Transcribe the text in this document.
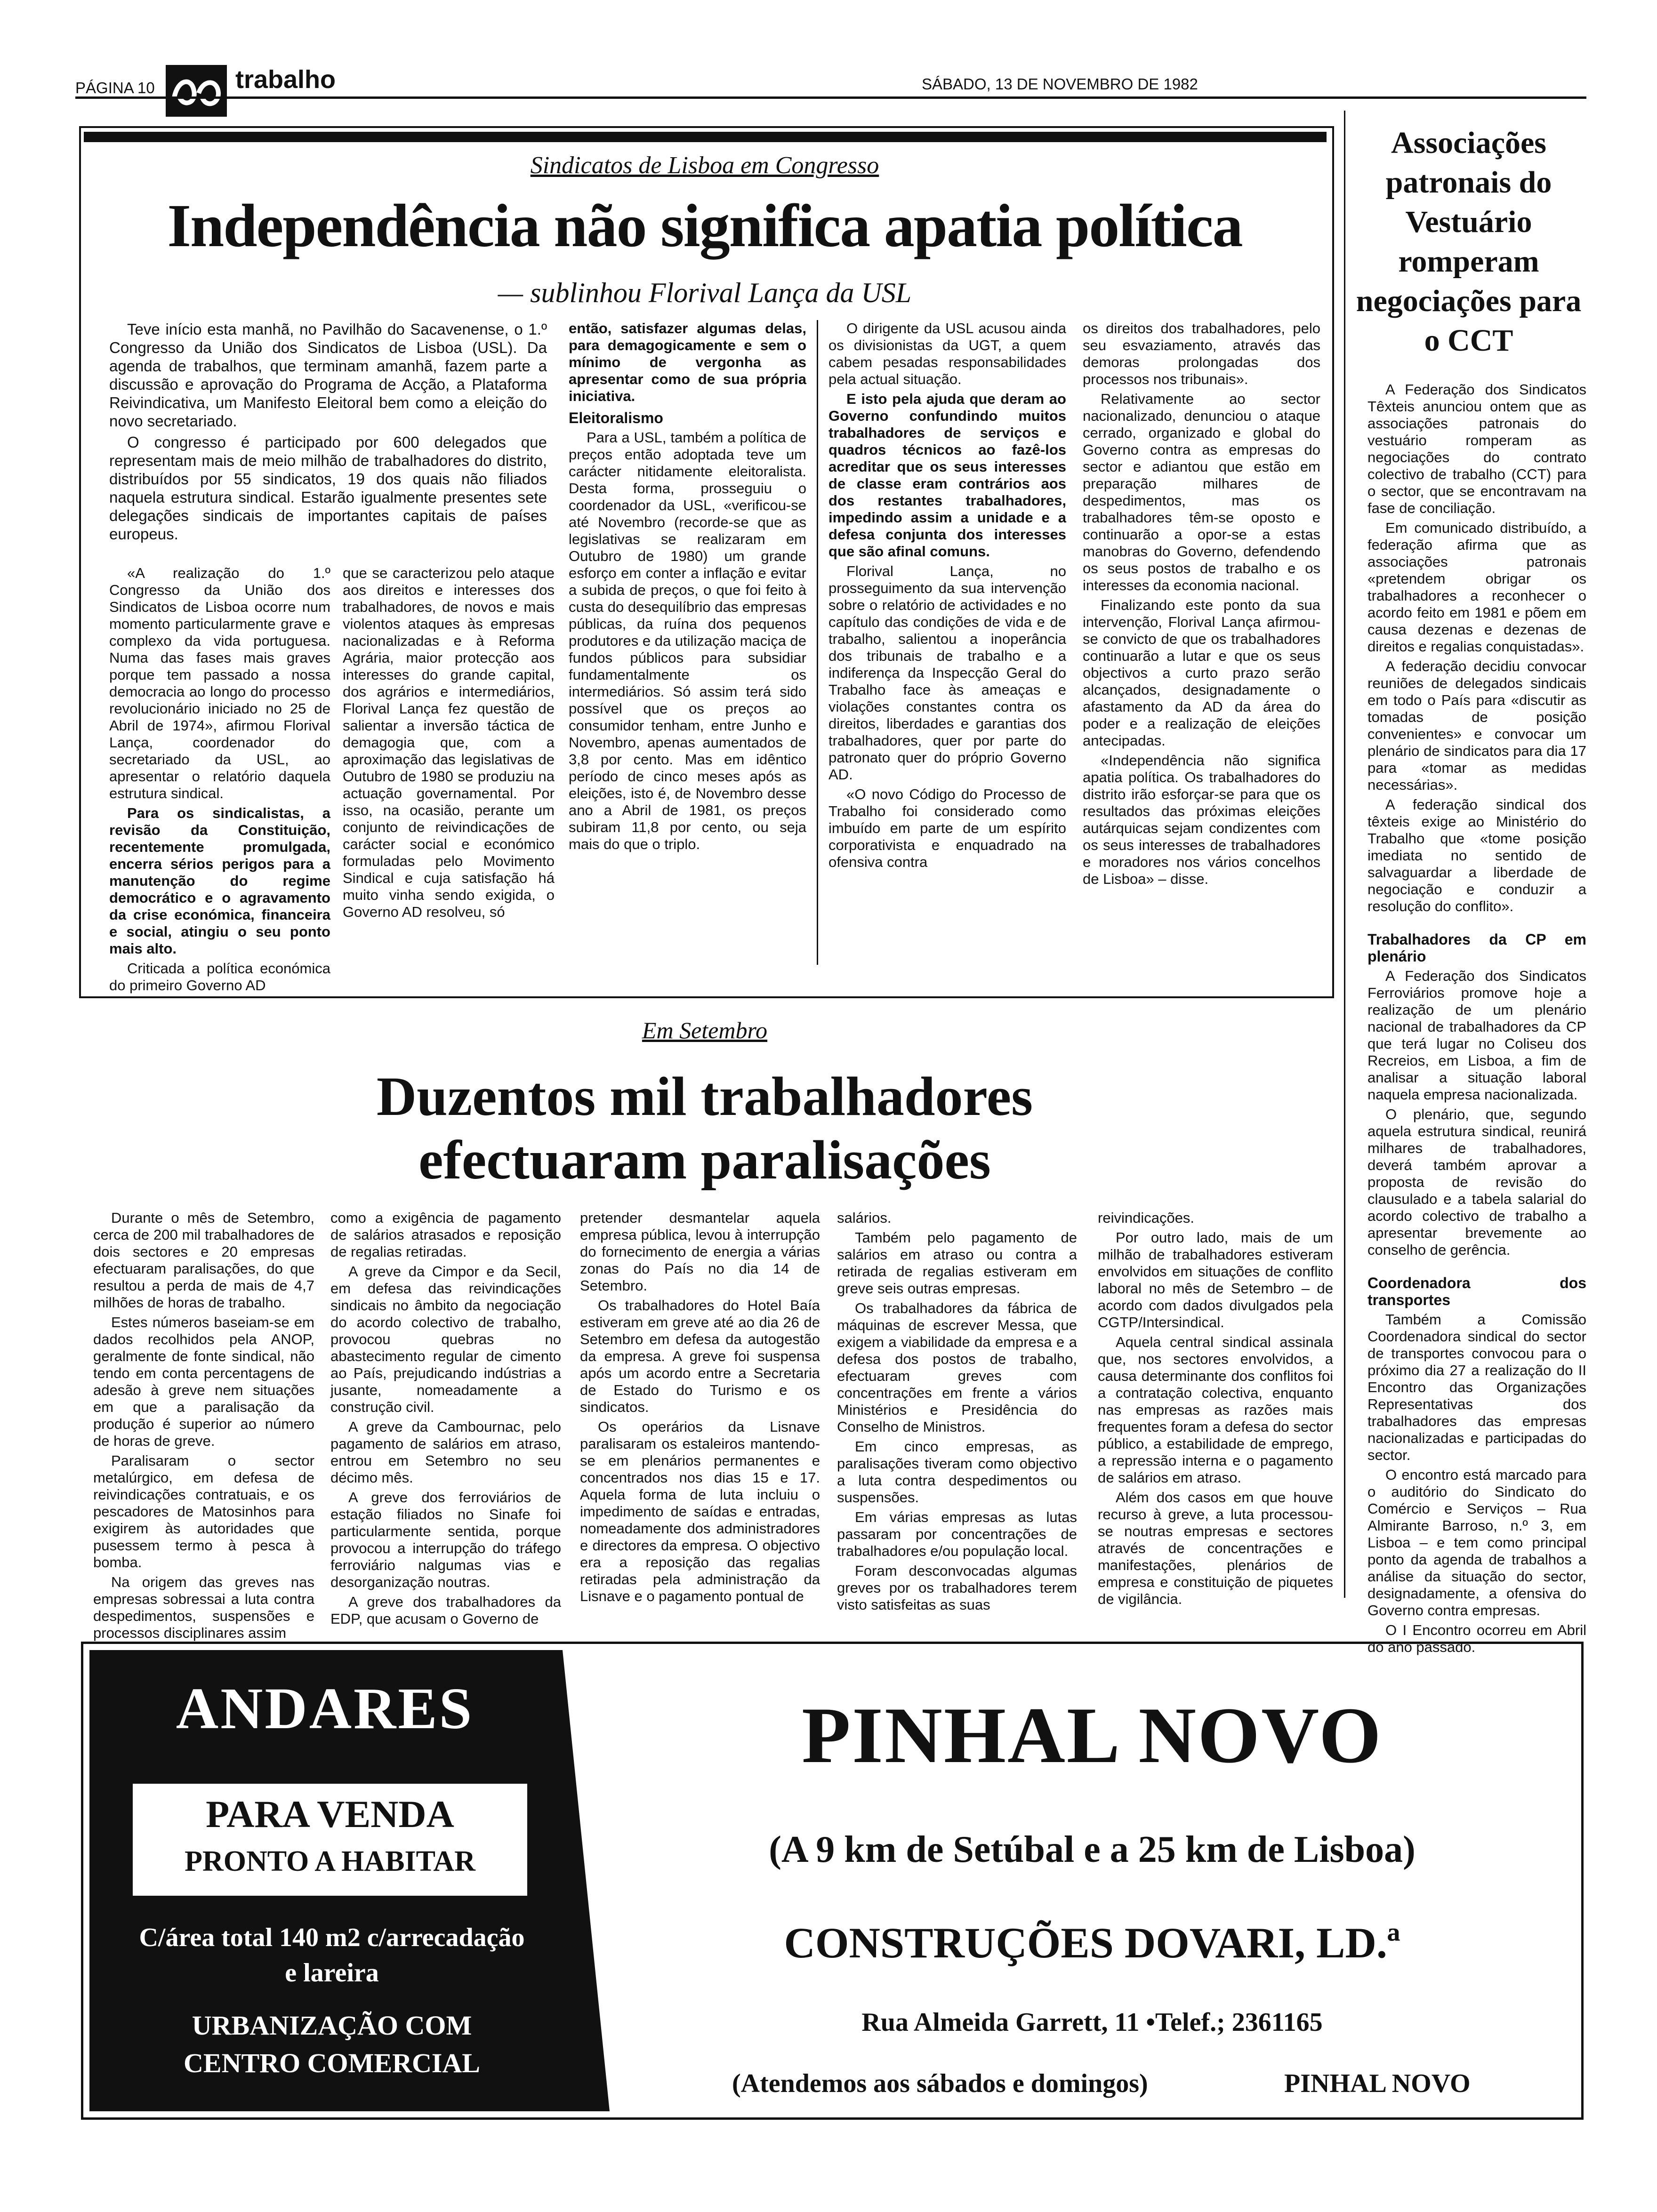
PÁGINA 10	trabalho	SÁBADO, 13 DE NOVEMBRO DE 1982
Sindicatos de Lisboa em Congresso
Independência não significa apatia política
— sublinhou Florival Lança da USL

Teve início esta manhã, no Pavilhão do Sacavenense, o 1.º Congresso da União dos Sindicatos de Lisboa (USL). Da agenda de trabalhos, que terminam amanhã, fazem parte a discussão e aprovação do Programa de Acção, a Plataforma Reivindicativa, um Manifesto Eleitoral bem como a eleição do novo secretariado.

O congresso é participado por 600 delegados que representam mais de meio milhão de trabalhadores do distrito, distribuídos por 55 sindicatos, 19 dos quais não filiados naquela estrutura sindical. Estarão igualmente presentes sete delegações sindicais de importantes capitais de países europeus.

«A realização do 1.º Congresso da União dos Sindicatos de Lisboa ocorre num momento particularmente grave e complexo da vida portuguesa. Numa das fases mais graves porque tem passado a nossa democracia ao longo do processo revolucionário iniciado no 25 de Abril de 1974», afirmou Florival Lança, coordenador do secretariado da USL, ao apresentar o relatório daquela estrutura sindical.

Para os sindicalistas, a revisão da Constituição, recentemente promulgada, encerra sérios perigos para a manutenção do regime democrático e o agravamento da crise económica, financeira e social, atingiu o seu ponto mais alto.

Criticada a política económica do primeiro Governo AD

que se caracterizou pelo ataque aos direitos e interesses dos trabalhadores, de novos e mais violentos ataques às empresas nacionalizadas e à Reforma Agrária, maior protecção aos interesses do grande capital, dos agrários e intermediários, Florival Lança fez questão de salientar a inversão táctica de demagogia que, com a aproximação das legislativas de Outubro de 1980 se produziu na actuação governamental. Por isso, na ocasião, perante um conjunto de reivindicações de carácter social e económico formuladas pelo Movimento Sindical e cuja satisfação há muito vinha sendo exigida, o Governo AD resolveu, só

então, satisfazer algumas delas, para demagogicamente e sem o mínimo de vergonha as apresentar como de sua própria iniciativa.

Eleitoralismo

Para a USL, também a política de preços então adoptada teve um carácter nitidamente eleitoralista. Desta forma, prosseguiu o coordenador da USL, «verificou-se até Novembro (recorde-se que as legislativas se realizaram em Outubro de 1980) um grande esforço em conter a inflação e evitar a subida de preços, o que foi feito à custa do desequilíbrio das empresas públicas, da ruína dos pequenos produtores e da utilização maciça de fundos públicos para subsidiar fundamentalmente os intermediários. Só assim terá sido possível que os preços ao consumidor tenham, entre Junho e Novembro, apenas aumentados de 3,8 por cento. Mas em idêntico período de cinco meses após as eleições, isto é, de Novembro desse ano a Abril de 1981, os preços subiram 11,8 por cento, ou seja mais do que o triplo.

O dirigente da USL acusou ainda os divisionistas da UGT, a quem cabem pesadas responsabilidades pela actual situação.

E isto pela ajuda que deram ao Governo confundindo muitos trabalhadores de serviços e quadros técnicos ao fazê-los acreditar que os seus interesses de classe eram contrários aos dos restantes trabalhadores, impedindo assim a unidade e a defesa conjunta dos interesses que são afinal comuns.

Florival Lança, no prosseguimento da sua intervenção sobre o relatório de actividades e no capítulo das condições de vida e de trabalho, salientou a inoperância dos tribunais de trabalho e a indiferença da Inspecção Geral do Trabalho face às ameaças e violações constantes contra os direitos, liberdades e garantias dos trabalhadores, quer por parte do patronato quer do próprio Governo AD.

«O novo Código do Processo de Trabalho foi considerado como imbuído em parte de um espírito corporativista e enquadrado na ofensiva contra

os direitos dos trabalhadores, pelo seu esvaziamento, através das demoras prolongadas dos processos nos tribunais».

Relativamente ao sector nacionalizado, denunciou o ataque cerrado, organizado e global do Governo contra as empresas do sector e adiantou que estão em preparação milhares de despedimentos, mas os trabalhadores têm-se oposto e continuarão a opor-se a estas manobras do Governo, defendendo os seus postos de trabalho e os interesses da economia nacional.

Finalizando este ponto da sua intervenção, Florival Lança afirmou-se convicto de que os trabalhadores continuarão a lutar e que os seus objectivos a curto prazo serão alcançados, designadamente o afastamento da AD da área do poder e a realização de eleições antecipadas.

«Independência não significa apatia política. Os trabalhadores do distrito irão esforçar-se para que os resultados das próximas eleições autárquicas sejam condizentes com os seus interesses de trabalhadores e moradores nos vários concelhos de Lisboa» – disse.

Associações patronais do Vestuário romperam negociações para o CCT

A Federação dos Sindicatos Têxteis anunciou ontem que as associações patronais do vestuário romperam as negociações do contrato colectivo de trabalho (CCT) para o sector, que se encontravam na fase de conciliação.

Em comunicado distribuído, a federação afirma que as associações patronais «pretendem obrigar os trabalhadores a reconhecer o acordo feito em 1981 e põem em causa dezenas e dezenas de direitos e regalias conquistadas».

A federação decidiu convocar reuniões de delegados sindicais em todo o País para «discutir as tomadas de posição convenientes» e convocar um plenário de sindicatos para dia 17 para «tomar as medidas necessárias».

A federação sindical dos têxteis exige ao Ministério do Trabalho que «tome posição imediata no sentido de salvaguardar a liberdade de negociação e conduzir a resolução do conflito».

Trabalhadores da CP em plenário

A Federação dos Sindicatos Ferroviários promove hoje a realização de um plenário nacional de trabalhadores da CP que terá lugar no Coliseu dos Recreios, em Lisboa, a fim de analisar a situação laboral naquela empresa nacionalizada.

O plenário, que, segundo aquela estrutura sindical, reunirá milhares de trabalhadores, deverá também aprovar a proposta de revisão do clausulado e a tabela salarial do acordo colectivo de trabalho a apresentar brevemente ao conselho de gerência.

Coordenadora dos transportes

Também a Comissão Coordenadora sindical do sector de transportes convocou para o próximo dia 27 a realização do II Encontro das Organizações Representativas dos trabalhadores das empresas nacionalizadas e participadas do sector.

O encontro está marcado para o auditório do Sindicato do Comércio e Serviços – Rua Almirante Barroso, n.º 3, em Lisboa – e tem como principal ponto da agenda de trabalhos a análise da situação do sector, designadamente, a ofensiva do Governo contra empresas.

O I Encontro ocorreu em Abril do ano passado.

Em Setembro
Duzentos mil trabalhadores
efectuaram paralisações

Durante o mês de Setembro, cerca de 200 mil trabalhadores de dois sectores e 20 empresas efectuaram paralisações, do que resultou a perda de mais de 4,7 milhões de horas de trabalho.

Estes números baseiam-se em dados recolhidos pela ANOP, geralmente de fonte sindical, não tendo em conta percentagens de adesão à greve nem situações em que a paralisação da produção é superior ao número de horas de greve.

Paralisaram o sector metalúrgico, em defesa de reivindicações contratuais, e os pescadores de Matosinhos para exigirem às autoridades que pusessem termo à pesca à bomba.

Na origem das greves nas empresas sobressai a luta contra despedimentos, suspensões e processos disciplinares assim

como a exigência de pagamento de salários atrasados e reposição de regalias retiradas.

A greve da Cimpor e da Secil, em defesa das reivindicações sindicais no âmbito da negociação do acordo colectivo de trabalho, provocou quebras no abastecimento regular de cimento ao País, prejudicando indústrias a jusante, nomeadamente a construção civil.

A greve da Cambournac, pelo pagamento de salários em atraso, entrou em Setembro no seu décimo mês.

A greve dos ferroviários de estação filiados no Sinafe foi particularmente sentida, porque provocou a interrupção do tráfego ferroviário nalgumas vias e desorganização noutras.

A greve dos trabalhadores da EDP, que acusam o Governo de

pretender desmantelar aquela empresa pública, levou à interrupção do fornecimento de energia a várias zonas do País no dia 14 de Setembro.

Os trabalhadores do Hotel Baía estiveram em greve até ao dia 26 de Setembro em defesa da autogestão da empresa. A greve foi suspensa após um acordo entre a Secretaria de Estado do Turismo e os sindicatos.

Os operários da Lisnave paralisaram os estaleiros mantendo-se em plenários permanentes e concentrados nos dias 15 e 17. Aquela forma de luta incluiu o impedimento de saídas e entradas, nomeadamente dos administradores e directores da empresa. O objectivo era a reposição das regalias retiradas pela administração da Lisnave e o pagamento pontual de

salários.

Também pelo pagamento de salários em atraso ou contra a retirada de regalias estiveram em greve seis outras empresas.

Os trabalhadores da fábrica de máquinas de escrever Messa, que exigem a viabilidade da empresa e a defesa dos postos de trabalho, efectuaram greves com concentrações em frente a vários Ministérios e Presidência do Conselho de Ministros.

Em cinco empresas, as paralisações tiveram como objectivo a luta contra despedimentos ou suspensões.

Em várias empresas as lutas passaram por concentrações de trabalhadores e/ou população local.

Foram desconvocadas algumas greves por os trabalhadores terem visto satisfeitas as suas

reivindicações.

Por outro lado, mais de um milhão de trabalhadores estiveram envolvidos em situações de conflito laboral no mês de Setembro – de acordo com dados divulgados pela CGTP/Intersindical.

Aquela central sindical assinala que, nos sectores envolvidos, a causa determinante dos conflitos foi a contratação colectiva, enquanto nas empresas as razões mais frequentes foram a defesa do sector público, a estabilidade de emprego, a repressão interna e o pagamento de salários em atraso.

Além dos casos em que houve recurso à greve, a luta processou-se noutras empresas e sectores através de concentrações e manifestações, plenários de empresa e constituição de piquetes de vigilância.

ANDARES
PARA VENDA
PRONTO A HABITAR
C/área total 140 m2 c/arrecadação
e lareira
URBANIZAÇÃO COM
CENTRO COMERCIAL
PINHAL NOVO
(A 9 km de Setúbal e a 25 km de Lisboa)
CONSTRUÇÕES DOVARI, LD.ª
Rua Almeida Garrett, 11 •Telef.; 2361165
(Atendemos aos sábados e domingos)	PINHAL NOVO
